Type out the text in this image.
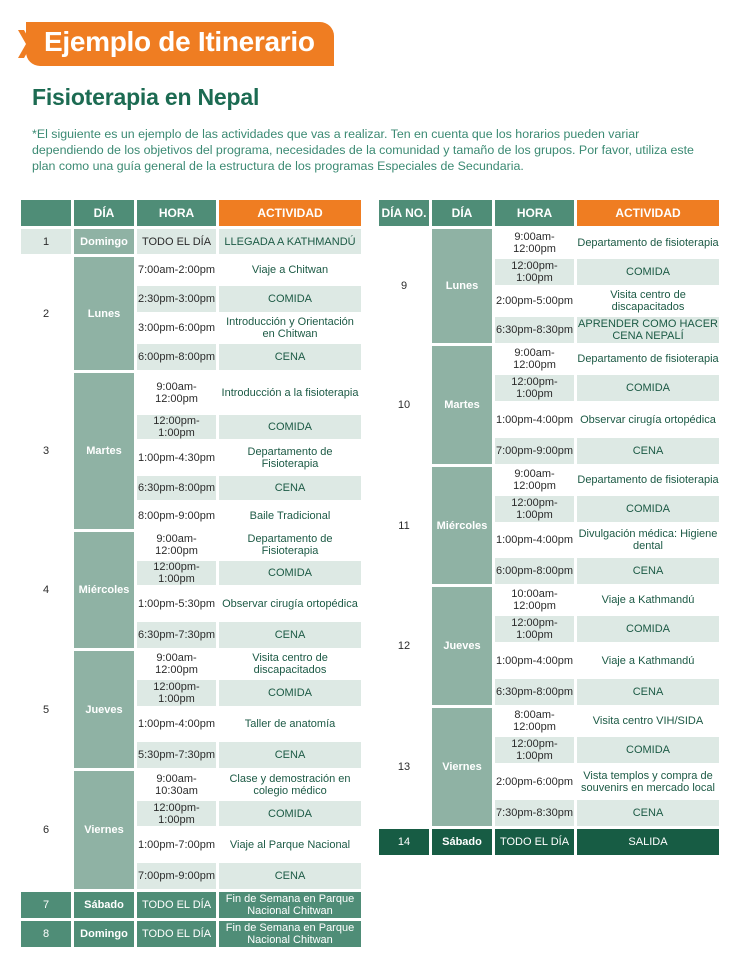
Ejemplo de Itinerario
Fisioterapia en Nepal
*El siguiente es un ejemplo de las actividades que vas a realizar. Ten en cuenta que los horarios pueden variar dependiendo de los objetivos del programa, necesidades de la comunidad y tamaño de los grupos. Por favor, utiliza este plan como una guía general de la estructura de los programas Especiales de Secundaria.
	DÍA	HORA	ACTIVIDAD
1	Domingo	TODO EL DÍA	LLEGADA A KATHMANDÚ
2	Lunes	7:00am-2:00pm	Viaje a Chitwan
		2:30pm-3:00pm	COMIDA
		3:00pm-6:00pm	Introducción y Orientación en Chitwan
		6:00pm-8:00pm	CENA
3	Martes	9:00am-12:00pm	Introducción a la fisioterapia
		12:00pm-1:00pm	COMIDA
		1:00pm-4:30pm	Departamento de Fisioterapia
		6:30pm-8:00pm	CENA
		8:00pm-9:00pm	Baile Tradicional
4	Miércoles	9:00am-12:00pm	Departamento de Fisioterapia
		12:00pm-1:00pm	COMIDA
		1:00pm-5:30pm	Observar cirugía ortopédica
		6:30pm-7:30pm	CENA
5	Jueves	9:00am-12:00pm	Visita centro de discapacitados
		12:00pm-1:00pm	COMIDA
		1:00pm-4:00pm	Taller de anatomía
		5:30pm-7:30pm	CENA
6	Viernes	9:00am-10:30am	Clase y demostración en colegio médico
		12:00pm-1:00pm	COMIDA
		1:00pm-7:00pm	Viaje al Parque Nacional
		7:00pm-9:00pm	CENA
7	Sábado	TODO EL DÍA	Fin de Semana en Parque Nacional Chitwan
8	Domingo	TODO EL DÍA	Fin de Semana en Parque Nacional Chitwan
DÍA NO.	DÍA	HORA	ACTIVIDAD
9	Lunes	9:00am-12:00pm	Departamento de fisioterapia
		12:00pm-1:00pm	COMIDA
		2:00pm-5:00pm	Visita centro de discapacitados
		6:30pm-8:30pm	APRENDER COMO HACER CENA NEPALÍ
10	Martes	9:00am-12:00pm	Departamento de fisioterapia
		12:00pm-1:00pm	COMIDA
		1:00pm-4:00pm	Observar cirugía ortopédica
		7:00pm-9:00pm	CENA
11	Miércoles	9:00am-12:00pm	Departamento de fisioterapia
		12:00pm-1:00pm	COMIDA
		1:00pm-4:00pm	Divulgación médica: Higiene dental
		6:00pm-8:00pm	CENA
12	Jueves	10:00am-12:00pm	Viaje a Kathmandú
		12:00pm-1:00pm	COMIDA
		1:00pm-4:00pm	Viaje a Kathmandú
		6:30pm-8:00pm	CENA
13	Viernes	8:00am-12:00pm	Visita centro VIH/SIDA
		12:00pm-1:00pm	COMIDA
		2:00pm-6:00pm	Vista templos y compra de souvenirs en mercado local
		7:30pm-8:30pm	CENA
14	Sábado	TODO EL DÍA	SALIDA
